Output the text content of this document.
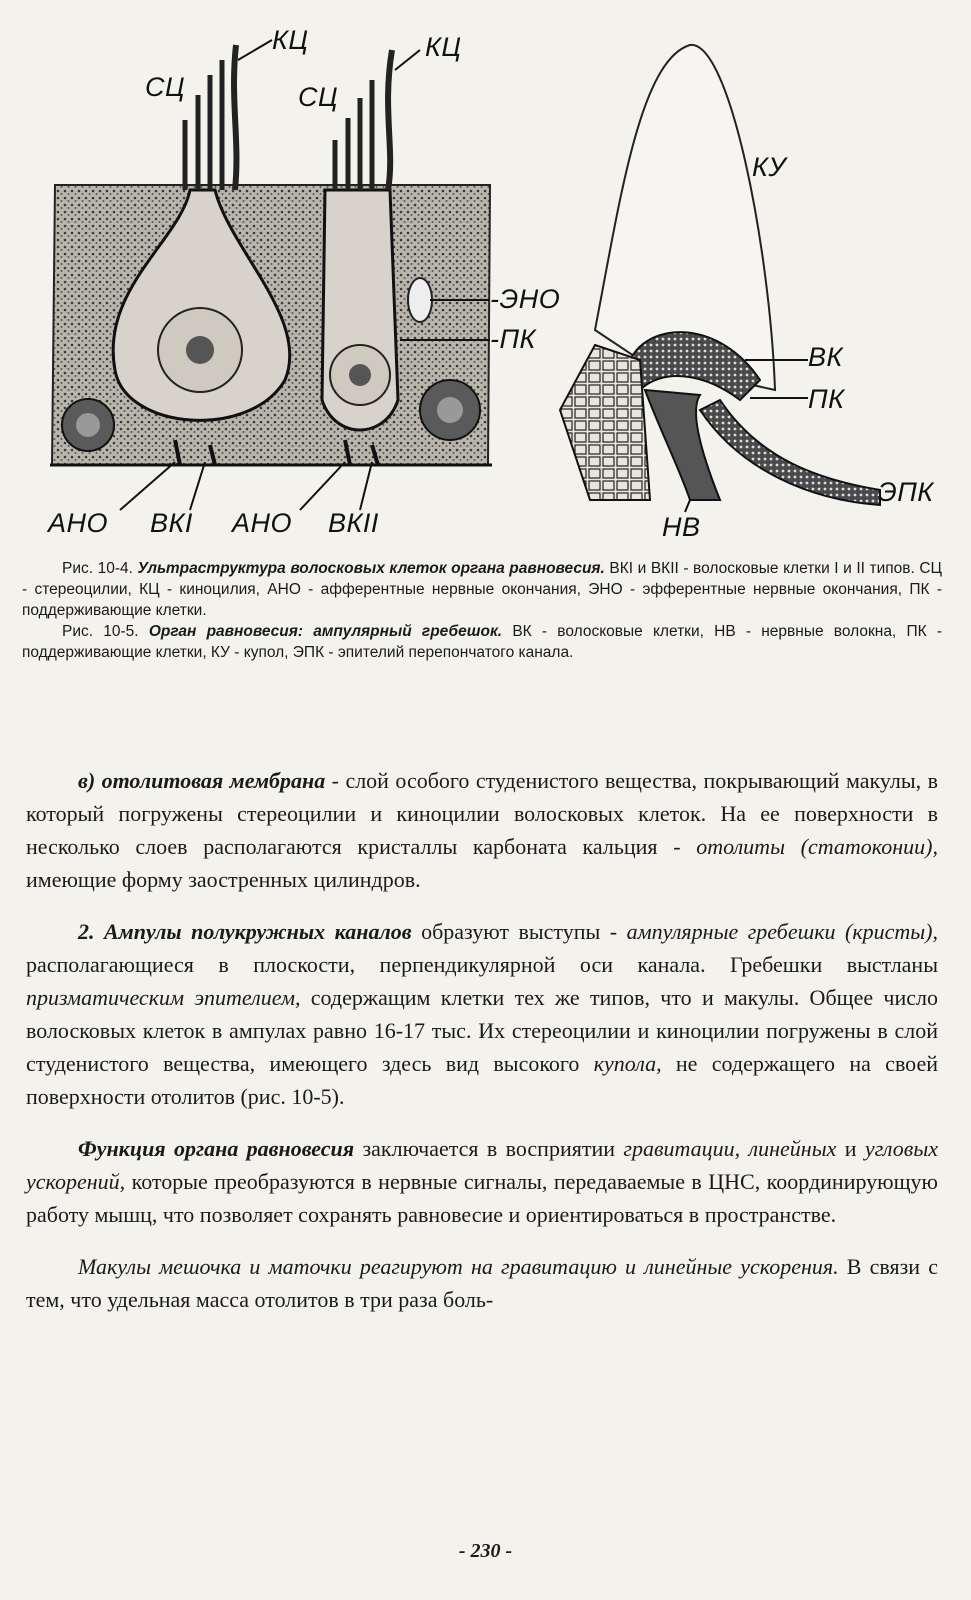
КЦ	КЦ
СЦ	СЦ
-ЭНО
-ПК
АНО ВКI АНО ВКII
КУ
ВК
ПК
ЭПК
НВ

Рис. 10-4. Ультраструктура волосковых клеток органа равновесия. ВКI и ВКII - волосковые клетки I и II типов. СЦ - стереоцилии, КЦ - киноцилия, АНО - афферентные нервные окончания, ЭНО - эфферентные нервные окончания, ПК - поддерживающие клетки.

Рис. 10-5. Орган равновесия: ампулярный гребешок. ВК - волосковые клетки, НВ - нервные волокна, ПК - поддерживающие клетки, КУ - купол, ЭПК - эпителий перепончатого канала.

в) отолитовая мембрана - слой особого студенистого вещества, покрывающий макулы, в который погружены стереоцилии и киноцилии волосковых клеток. На ее поверхности в несколько слоев располагаются кристаллы карбоната кальция - отолиты (статоконии), имеющие форму заостренных цилиндров.

2. Ампулы полукружных каналов образуют выступы - ампулярные гребешки (кристы), располагающиеся в плоскости, перпендикулярной оси канала. Гребешки выстланы призматическим эпителием, содержащим клетки тех же типов, что и макулы. Общее число волосковых клеток в ампулах равно 16-17 тыс. Их стереоцилии и киноцилии погружены в слой студенистого вещества, имеющего здесь вид высокого купола, не содержащего на своей поверхности отолитов (рис. 10-5).

Функция органа равновесия заключается в восприятии гравитации, линейных и угловых ускорений, которые преобразуются в нервные сигналы, передаваемые в ЦНС, координирующую работу мышц, что позволяет сохранять равновесие и ориентироваться в пространстве.

Макулы мешочка и маточки реагируют на гравитацию и линейные ускорения. В связи с тем, что удельная масса отолитов в три раза боль-

- 230 -
